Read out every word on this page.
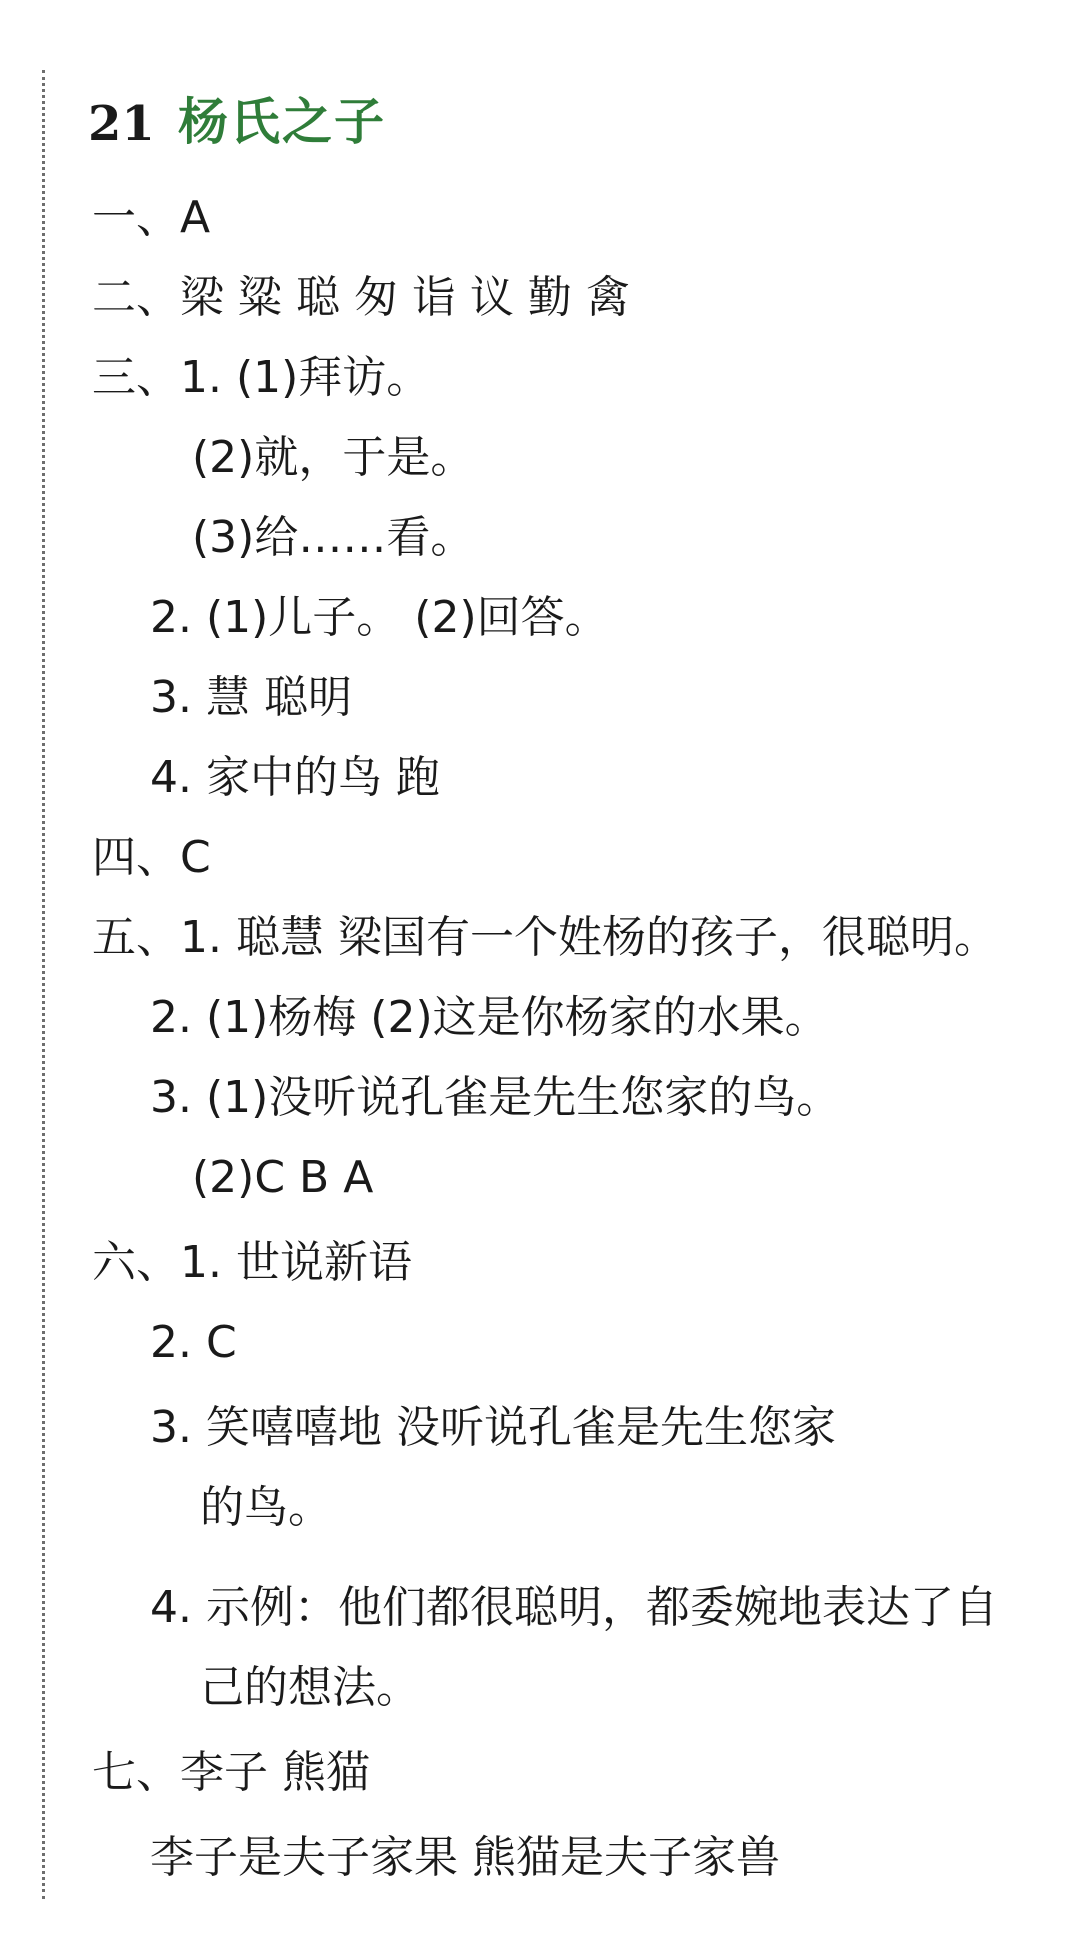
21 杨氏之子
一、A
二、梁 粱 聪 匆 诣 议 勤 禽
三、1. (1)拜访。
(2)就，于是。
(3)给……看。
2. (1)儿子。 (2)回答。
3. 慧 聪明
4. 家中的鸟 跑
四、C
五、1. 聪慧 梁国有一个姓杨的孩子，很聪明。
2. (1)杨梅 (2)这是你杨家的水果。
3. (1)没听说孔雀是先生您家的鸟。
(2)C B A
六、1. 世说新语
2. C
3. 笑嘻嘻地 没听说孔雀是先生您家
的鸟。
4. 示例：他们都很聪明，都委婉地表达了自
己的想法。
七、李子 熊猫
李子是夫子家果 熊猫是夫子家兽
